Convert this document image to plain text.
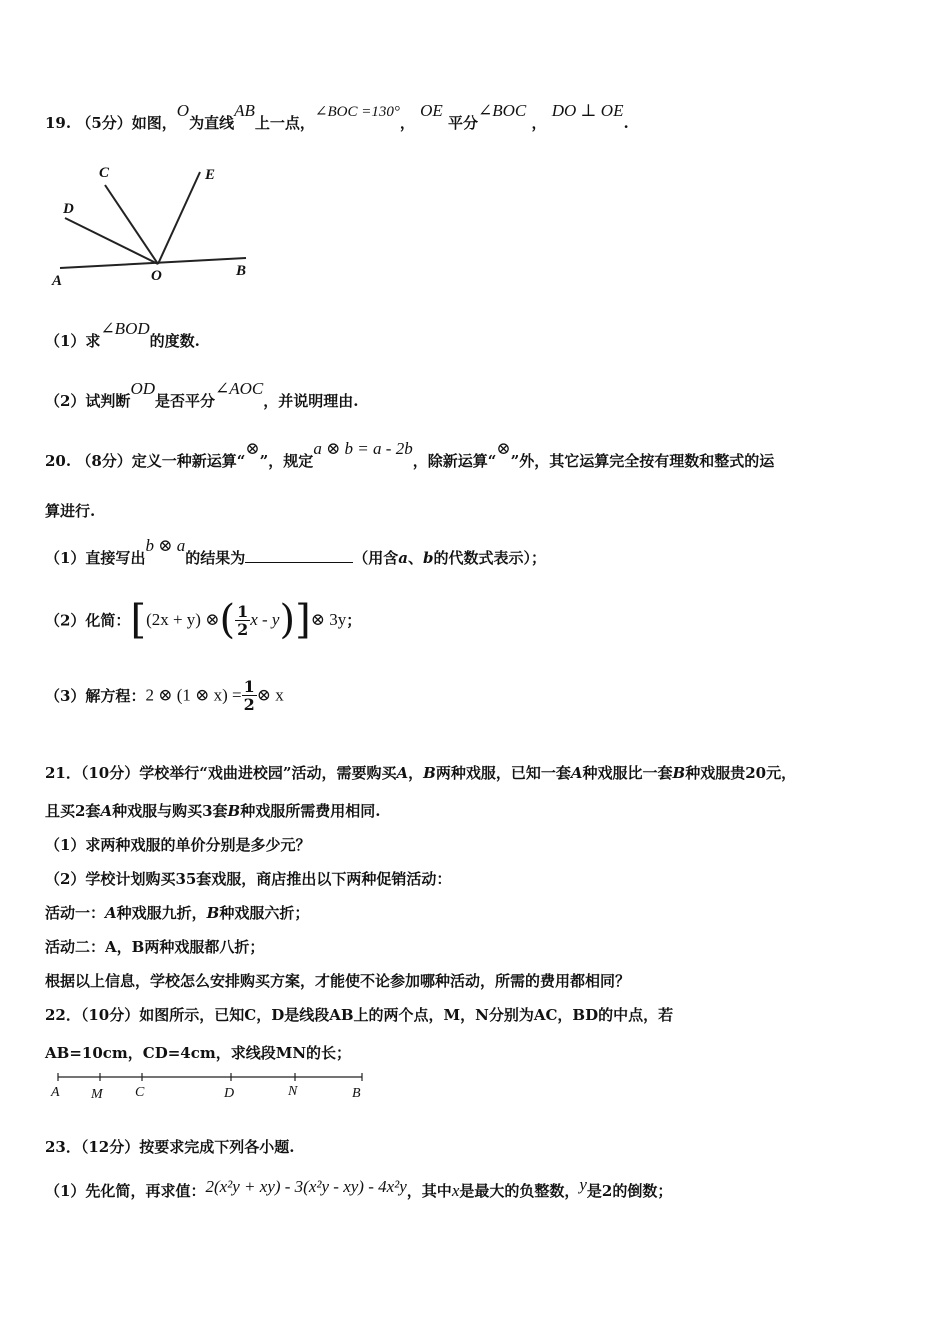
19. （5分）如图，O为直线AB上一点，∠BOC =130°， OE 平分∠BOC ， DO ⊥ OE.
C	E
D
A	O	B
（1）求∠BOD的度数.
（2）试判断OD是否平分∠AOC，并说明理由.
20. （8分）定义一种新运算“⊗”，规定a ⊗ b = a - 2b，除新运算“⊗”外，其它运算完全按有理数和整式的运
算进行.
（1）直接写出b ⊗ a的结果为	（用含a、b的代数式表示）；
（2）化简：[(2x + y) ⊗( $\frac{1}{2}$ x - y)]⊗ 3y；
（3）解方程：2 ⊗ (1 ⊗ $x) = \frac{1}{2}$ ⊗ x
21．（10分）学校举行“戏曲进校园”活动，需要购买A，B两种戏服，已知一套A种戏服比一套B种戏服贵20元，
且买2套A种戏服与购买3套B种戏服所需费用相同.
（1）求两种戏服的单价分别是多少元？
（2）学校计划购买35套戏服，商店推出以下两种促销活动：
活动一：A种戏服九折，B种戏服六折；
活动二：A，B两种戏服都八折；
根据以上信息，学校怎么安排购买方案，才能使不论参加哪种活动，所需的费用都相同？
22．（10分）如图所示，已知C，D是线段AB上的两个点，M，N分别为AC，BD的中点，若
AB=10cm，CD=4cm，求线段MN的长；
A M C	D	N	B
23．（12分）按要求完成下列各小题.
（1）先化简，再求值：2(x²y + xy) - 3(x²y - xy) - 4x²y，其中x是最大的负整数，y是2的倒数；
